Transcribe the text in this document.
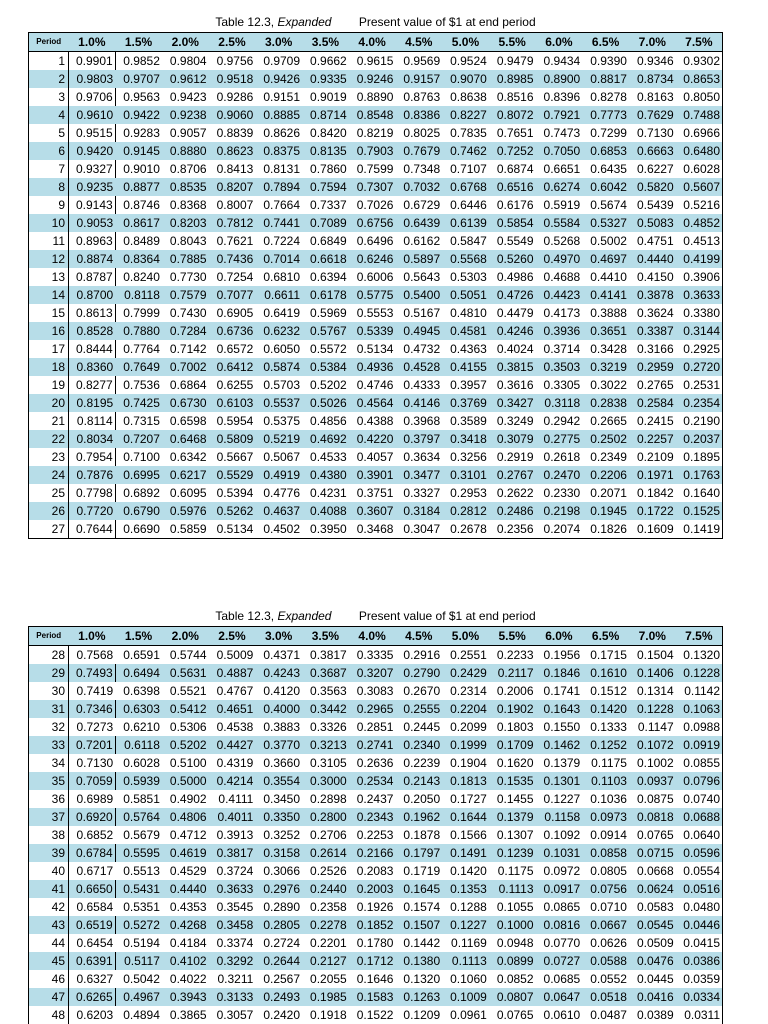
Table 12.3, Expanded Present value of $1 at end period
Period	1.0%	1.5%	2.0%	2.5%	3.0%	3.5%	4.0%	4.5%	5.0%	5.5%	6.0%	6.5%	7.0%	7.5%
1	0.9901	0.9852	0.9804	0.9756	0.9709	0.9662	0.9615	0.9569	0.9524	0.9479	0.9434	0.9390	0.9346	0.9302
2	0.9803	0.9707	0.9612	0.9518	0.9426	0.9335	0.9246	0.9157	0.9070	0.8985	0.8900	0.8817	0.8734	0.8653
3	0.9706	0.9563	0.9423	0.9286	0.9151	0.9019	0.8890	0.8763	0.8638	0.8516	0.8396	0.8278	0.8163	0.8050
4	0.9610	0.9422	0.9238	0.9060	0.8885	0.8714	0.8548	0.8386	0.8227	0.8072	0.7921	0.7773	0.7629	0.7488
5	0.9515	0.9283	0.9057	0.8839	0.8626	0.8420	0.8219	0.8025	0.7835	0.7651	0.7473	0.7299	0.7130	0.6966
6	0.9420	0.9145	0.8880	0.8623	0.8375	0.8135	0.7903	0.7679	0.7462	0.7252	0.7050	0.6853	0.6663	0.6480
7	0.9327	0.9010	0.8706	0.8413	0.8131	0.7860	0.7599	0.7348	0.7107	0.6874	0.6651	0.6435	0.6227	0.6028
8	0.9235	0.8877	0.8535	0.8207	0.7894	0.7594	0.7307	0.7032	0.6768	0.6516	0.6274	0.6042	0.5820	0.5607
9	0.9143	0.8746	0.8368	0.8007	0.7664	0.7337	0.7026	0.6729	0.6446	0.6176	0.5919	0.5674	0.5439	0.5216
10	0.9053	0.8617	0.8203	0.7812	0.7441	0.7089	0.6756	0.6439	0.6139	0.5854	0.5584	0.5327	0.5083	0.4852
11	0.8963	0.8489	0.8043	0.7621	0.7224	0.6849	0.6496	0.6162	0.5847	0.5549	0.5268	0.5002	0.4751	0.4513
12	0.8874	0.8364	0.7885	0.7436	0.7014	0.6618	0.6246	0.5897	0.5568	0.5260	0.4970	0.4697	0.4440	0.4199
13	0.8787	0.8240	0.7730	0.7254	0.6810	0.6394	0.6006	0.5643	0.5303	0.4986	0.4688	0.4410	0.4150	0.3906
14	0.8700	0.8118	0.7579	0.7077	0.6611	0.6178	0.5775	0.5400	0.5051	0.4726	0.4423	0.4141	0.3878	0.3633
15	0.8613	0.7999	0.7430	0.6905	0.6419	0.5969	0.5553	0.5167	0.4810	0.4479	0.4173	0.3888	0.3624	0.3380
16	0.8528	0.7880	0.7284	0.6736	0.6232	0.5767	0.5339	0.4945	0.4581	0.4246	0.3936	0.3651	0.3387	0.3144
17	0.8444	0.7764	0.7142	0.6572	0.6050	0.5572	0.5134	0.4732	0.4363	0.4024	0.3714	0.3428	0.3166	0.2925
18	0.8360	0.7649	0.7002	0.6412	0.5874	0.5384	0.4936	0.4528	0.4155	0.3815	0.3503	0.3219	0.2959	0.2720
19	0.8277	0.7536	0.6864	0.6255	0.5703	0.5202	0.4746	0.4333	0.3957	0.3616	0.3305	0.3022	0.2765	0.2531
20	0.8195	0.7425	0.6730	0.6103	0.5537	0.5026	0.4564	0.4146	0.3769	0.3427	0.3118	0.2838	0.2584	0.2354
21	0.8114	0.7315	0.6598	0.5954	0.5375	0.4856	0.4388	0.3968	0.3589	0.3249	0.2942	0.2665	0.2415	0.2190
22	0.8034	0.7207	0.6468	0.5809	0.5219	0.4692	0.4220	0.3797	0.3418	0.3079	0.2775	0.2502	0.2257	0.2037
23	0.7954	0.7100	0.6342	0.5667	0.5067	0.4533	0.4057	0.3634	0.3256	0.2919	0.2618	0.2349	0.2109	0.1895
24	0.7876	0.6995	0.6217	0.5529	0.4919	0.4380	0.3901	0.3477	0.3101	0.2767	0.2470	0.2206	0.1971	0.1763
25	0.7798	0.6892	0.6095	0.5394	0.4776	0.4231	0.3751	0.3327	0.2953	0.2622	0.2330	0.2071	0.1842	0.1640
26	0.7720	0.6790	0.5976	0.5262	0.4637	0.4088	0.3607	0.3184	0.2812	0.2486	0.2198	0.1945	0.1722	0.1525
27	0.7644	0.6690	0.5859	0.5134	0.4502	0.3950	0.3468	0.3047	0.2678	0.2356	0.2074	0.1826	0.1609	0.1419
Table 12.3, Expanded Present value of $1 at end period
Period	1.0%	1.5%	2.0%	2.5%	3.0%	3.5%	4.0%	4.5%	5.0%	5.5%	6.0%	6.5%	7.0%	7.5%
28	0.7568	0.6591	0.5744	0.5009	0.4371	0.3817	0.3335	0.2916	0.2551	0.2233	0.1956	0.1715	0.1504	0.1320
29	0.7493	0.6494	0.5631	0.4887	0.4243	0.3687	0.3207	0.2790	0.2429	0.2117	0.1846	0.1610	0.1406	0.1228
30	0.7419	0.6398	0.5521	0.4767	0.4120	0.3563	0.3083	0.2670	0.2314	0.2006	0.1741	0.1512	0.1314	0.1142
31	0.7346	0.6303	0.5412	0.4651	0.4000	0.3442	0.2965	0.2555	0.2204	0.1902	0.1643	0.1420	0.1228	0.1063
32	0.7273	0.6210	0.5306	0.4538	0.3883	0.3326	0.2851	0.2445	0.2099	0.1803	0.1550	0.1333	0.1147	0.0988
33	0.7201	0.6118	0.5202	0.4427	0.3770	0.3213	0.2741	0.2340	0.1999	0.1709	0.1462	0.1252	0.1072	0.0919
34	0.7130	0.6028	0.5100	0.4319	0.3660	0.3105	0.2636	0.2239	0.1904	0.1620	0.1379	0.1175	0.1002	0.0855
35	0.7059	0.5939	0.5000	0.4214	0.3554	0.3000	0.2534	0.2143	0.1813	0.1535	0.1301	0.1103	0.0937	0.0796
36	0.6989	0.5851	0.4902	0.4111	0.3450	0.2898	0.2437	0.2050	0.1727	0.1455	0.1227	0.1036	0.0875	0.0740
37	0.6920	0.5764	0.4806	0.4011	0.3350	0.2800	0.2343	0.1962	0.1644	0.1379	0.1158	0.0973	0.0818	0.0688
38	0.6852	0.5679	0.4712	0.3913	0.3252	0.2706	0.2253	0.1878	0.1566	0.1307	0.1092	0.0914	0.0765	0.0640
39	0.6784	0.5595	0.4619	0.3817	0.3158	0.2614	0.2166	0.1797	0.1491	0.1239	0.1031	0.0858	0.0715	0.0596
40	0.6717	0.5513	0.4529	0.3724	0.3066	0.2526	0.2083	0.1719	0.1420	0.1175	0.0972	0.0805	0.0668	0.0554
41	0.6650	0.5431	0.4440	0.3633	0.2976	0.2440	0.2003	0.1645	0.1353	0.1113	0.0917	0.0756	0.0624	0.0516
42	0.6584	0.5351	0.4353	0.3545	0.2890	0.2358	0.1926	0.1574	0.1288	0.1055	0.0865	0.0710	0.0583	0.0480
43	0.6519	0.5272	0.4268	0.3458	0.2805	0.2278	0.1852	0.1507	0.1227	0.1000	0.0816	0.0667	0.0545	0.0446
44	0.6454	0.5194	0.4184	0.3374	0.2724	0.2201	0.1780	0.1442	0.1169	0.0948	0.0770	0.0626	0.0509	0.0415
45	0.6391	0.5117	0.4102	0.3292	0.2644	0.2127	0.1712	0.1380	0.1113	0.0899	0.0727	0.0588	0.0476	0.0386
46	0.6327	0.5042	0.4022	0.3211	0.2567	0.2055	0.1646	0.1320	0.1060	0.0852	0.0685	0.0552	0.0445	0.0359
47	0.6265	0.4967	0.3943	0.3133	0.2493	0.1985	0.1583	0.1263	0.1009	0.0807	0.0647	0.0518	0.0416	0.0334
48	0.6203	0.4894	0.3865	0.3057	0.2420	0.1918	0.1522	0.1209	0.0961	0.0765	0.0610	0.0487	0.0389	0.0311
